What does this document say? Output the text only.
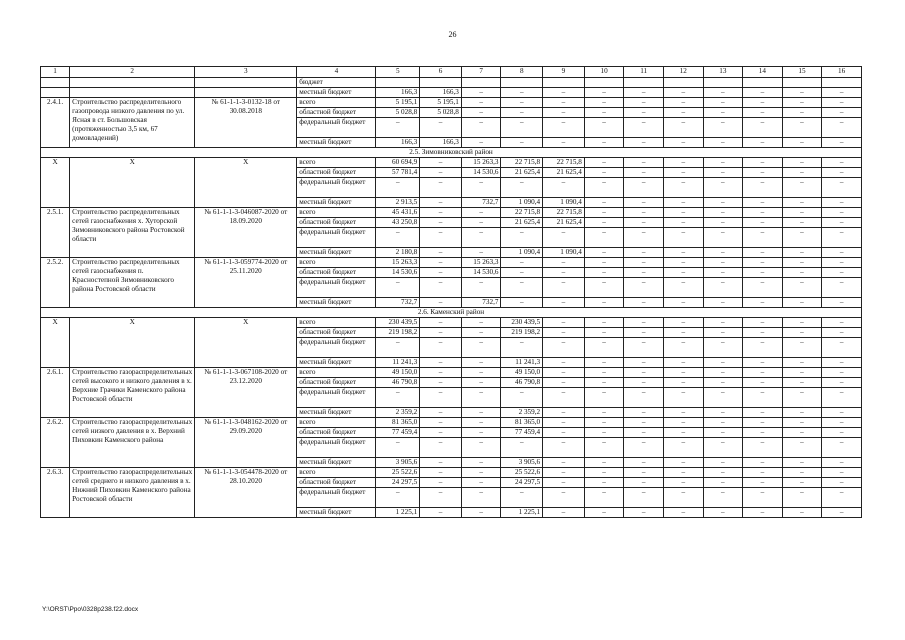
26
1	2	3	4	5	6	7	8	9	10	11	12	13	14	15	16
			бюджет												
			местный бюджет	166,3	166,3	–	–	–	–	–	–	–	–	–	–
2.4.1.	Строительство распределительного газопровода низкого давления по ул. Ясная в ст. Большовская (протяженностью 3,5 км, 67 домовладений)	№ 61-1-1-3-0132-18 от 30.08.2018	всего	5 195,1	5 195,1	–	–	–	–	–	–	–	–	–	–
			областной бюджет	5 028,8	5 028,8	–	–	–	–	–	–	–	–	–	–
			федеральный бюджет	–	–	–	–	–	–	–	–	–	–	–	–
			местный бюджет	166,3	166,3	–	–	–	–	–	–	–	–	–	–
2.5. Зимовниковский район															
Х	Х	Х	всего	60 694,9	–	15 263,3	22 715,8	22 715,8	–	–	–	–	–	–	–
			областной бюджет	57 781,4	–	14 530,6	21 625,4	21 625,4	–	–	–	–	–	–	–
			федеральный бюджет	–	–	–	–	–	–	–	–	–	–	–	–
			местный бюджет	2 913,5	–	732,7	1 090,4	1 090,4	–	–	–	–	–	–	–
2.5.1.	Строительство распределительных сетей газоснабжения х. Хуторской Зимовниковского района Ростовской области	№ 61-1-1-3-046087-2020 от 18.09.2020	всего	45 431,6	–	–	22 715,8	22 715,8	–	–	–	–	–	–	–
			областной бюджет	43 250,8	–	–	21 625,4	21 625,4	–	–	–	–	–	–	–
			федеральный бюджет	–	–	–	–	–	–	–	–	–	–	–	–
			местный бюджет	2 180,8	–	–	1 090,4	1 090,4	–	–	–	–	–	–	–
2.5.2.	Строительство распределительных сетей газоснабжения п. Красностепной Зимовниковского района Ростовской области	№ 61-1-1-3-059774-2020 от 25.11.2020	всего	15 263,3	–	15 263,3	–	–	–	–	–	–	–	–	–
			областной бюджет	14 530,6	–	14 530,6	–	–	–	–	–	–	–	–	–
			федеральный бюджет	–	–	–	–	–	–	–	–	–	–	–	–
			местный бюджет	732,7	–	732,7	–	–	–	–	–	–	–	–	–
2.6. Каменский район															
Х	Х	Х	всего	230 439,5	–	–	230 439,5	–	–	–	–	–	–	–	–
			областной бюджет	219 198,2	–	–	219 198,2	–	–	–	–	–	–	–	–
			федеральный бюджет	–	–	–	–	–	–	–	–	–	–	–	–
			местный бюджет	11 241,3	–	–	11 241,3	–	–	–	–	–	–	–	–
2.6.1.	Строительство газораспределительных сетей высокого и низкого давления в х. Верхние Грачики Каменского района Ростовской области	№ 61-1-1-3-067108-2020 от 23.12.2020	всего	49 150,0	–	–	49 150,0	–	–	–	–	–	–	–	–
			областной бюджет	46 790,8	–	–	46 790,8	–	–	–	–	–	–	–	–
			федеральный бюджет	–	–	–	–	–	–	–	–	–	–	–	–
			местный бюджет	2 359,2	–	–	2 359,2	–	–	–	–	–	–	–	–
2.6.2.	Строительство газораспределительных сетей низкого давления в х. Верхний Пиховкин Каменского района	№ 61-1-1-3-048162-2020 от 29.09.2020	всего	81 365,0	–	–	81 365,0	–	–	–	–	–	–	–	–
			областной бюджет	77 459,4	–	–	77 459,4	–	–	–	–	–	–	–	–
			федеральный бюджет	–	–	–	–	–	–	–	–	–	–	–	–
			местный бюджет	3 905,6	–	–	3 905,6	–	–	–	–	–	–	–	–
2.6.3.	Строительство газораспределительных сетей среднего и низкого давления в х. Нижний Пиховкин Каменского района Ростовской области	№ 61-1-1-3-054478-2020 от 28.10.2020	всего	25 522,6	–	–	25 522,6	–	–	–	–	–	–	–	–
			областной бюджет	24 297,5	–	–	24 297,5	–	–	–	–	–	–	–	–
			федеральный бюджет	–	–	–	–	–	–	–	–	–	–	–	–
			местный бюджет	1 225,1	–	–	1 225,1	–	–	–	–	–	–	–	–
Y:\ORST\Ppo\0328p238.f22.docx
